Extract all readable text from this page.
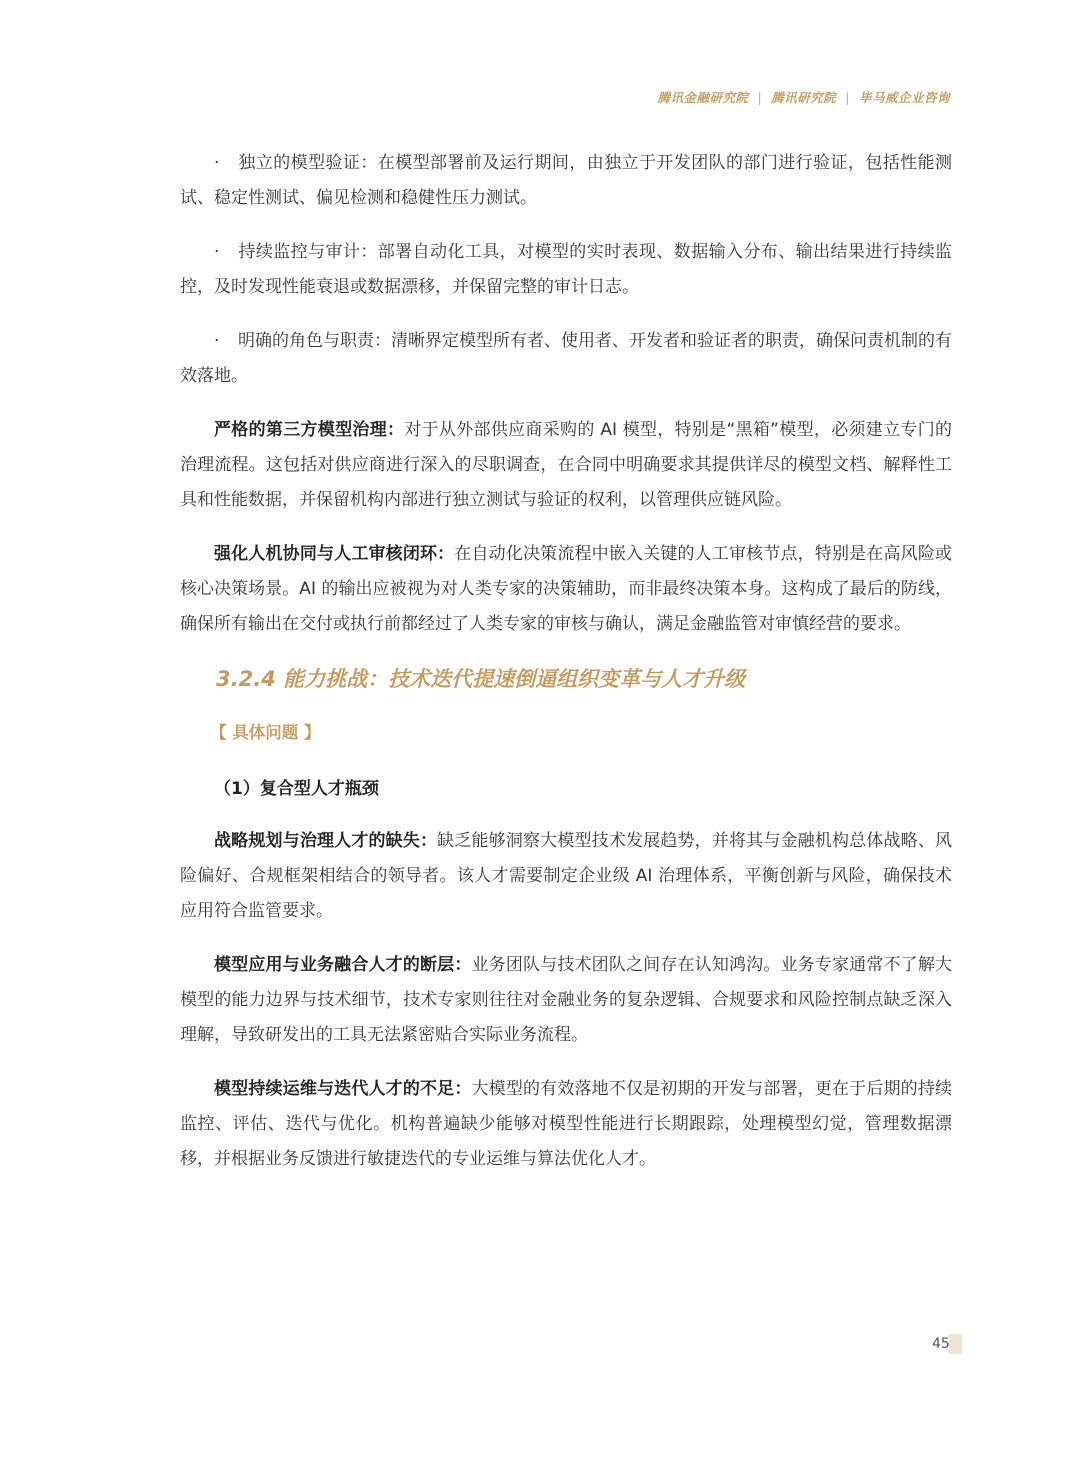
腾讯金融研究院 | 腾讯研究院 | 毕马威企业咨询

· 独立的模型验证：在模型部署前及运行期间，由独立于开发团队的部门进行验证，包括性能测试、稳定性测试、偏见检测和稳健性压力测试。

· 持续监控与审计：部署自动化工具，对模型的实时表现、数据输入分布、输出结果进行持续监控，及时发现性能衰退或数据漂移，并保留完整的审计日志。

· 明确的角色与职责：清晰界定模型所有者、使用者、开发者和验证者的职责，确保问责机制的有效落地。

严格的第三方模型治理：对于从外部供应商采购的 AI 模型，特别是“黑箱”模型，必须建立专门的治理流程。这包括对供应商进行深入的尽职调查，在合同中明确要求其提供详尽的模型文档、解释性工具和性能数据，并保留机构内部进行独立测试与验证的权利，以管理供应链风险。

强化人机协同与人工审核闭环：在自动化决策流程中嵌入关键的人工审核节点，特别是在高风险或核心决策场景。AI 的输出应被视为对人类专家的决策辅助，而非最终决策本身。这构成了最后的防线，确保所有输出在交付或执行前都经过了人类专家的审核与确认，满足金融监管对审慎经营的要求。

3.2.4 能力挑战：技术迭代提速倒逼组织变革与人才升级
【 具体问题 】
（1）复合型人才瓶颈

战略规划与治理人才的缺失：缺乏能够洞察大模型技术发展趋势，并将其与金融机构总体战略、风险偏好、合规框架相结合的领导者。该人才需要制定企业级 AI 治理体系，平衡创新与风险，确保技术应用符合监管要求。

模型应用与业务融合人才的断层：业务团队与技术团队之间存在认知鸿沟。业务专家通常不了解大模型的能力边界与技术细节，技术专家则往往对金融业务的复杂逻辑、合规要求和风险控制点缺乏深入理解，导致研发出的工具无法紧密贴合实际业务流程。

模型持续运维与迭代人才的不足：大模型的有效落地不仅是初期的开发与部署，更在于后期的持续监控、评估、迭代与优化。机构普遍缺少能够对模型性能进行长期跟踪，处理模型幻觉，管理数据漂移，并根据业务反馈进行敏捷迭代的专业运维与算法优化人才。

45
